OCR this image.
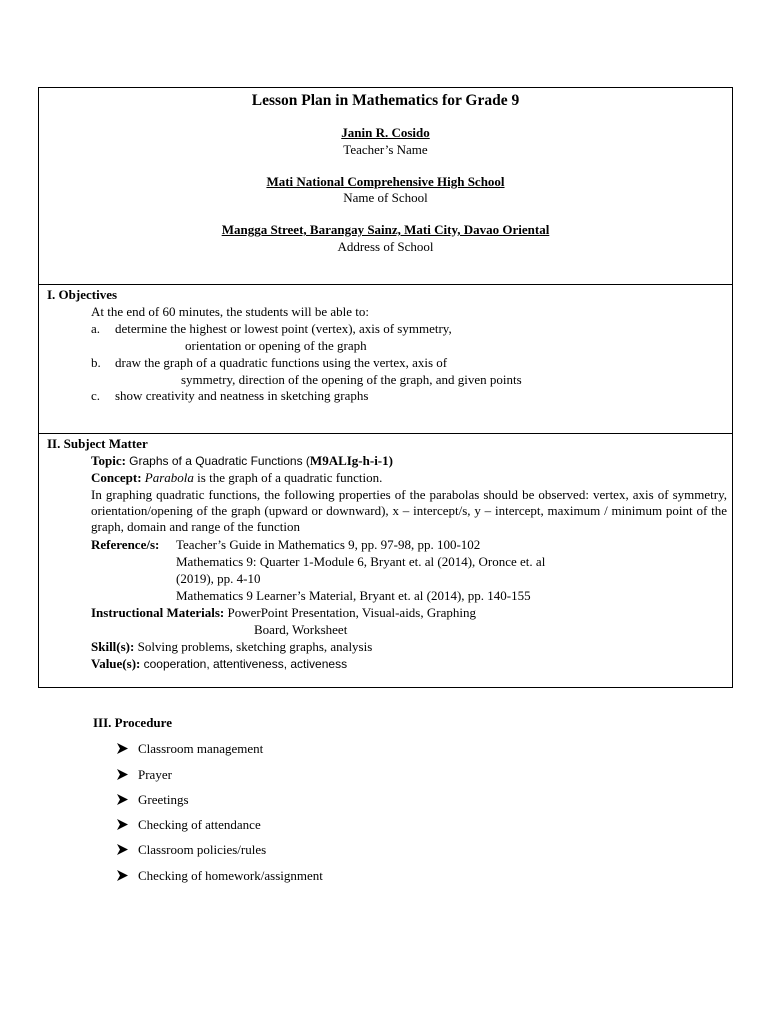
Lesson Plan in Mathematics for Grade 9
Janin R. Cosido
Teacher’s Name
Mati National Comprehensive High School
Name of School
Mangga Street, Barangay Sainz, Mati City, Davao Oriental
Address of School
I. Objectives
At the end of 60 minutes, the students will be able to:
a. determine the highest or lowest point (vertex), axis of symmetry,
orientation or opening of the graph
b. draw the graph of a quadratic functions using the vertex, axis of
symmetry, direction of the opening of the graph, and given points
c. show creativity and neatness in sketching graphs
II. Subject Matter
Topic: Graphs of a Quadratic Functions (M9ALIg-h-i-1)
Concept: Parabola is the graph of a quadratic function.
In graphing quadratic functions, the following properties of the parabolas should be observed: vertex, axis of symmetry, orientation/opening of the graph (upward or downward), x – intercept/s, y – intercept, maximum / minimum point of the graph, domain and range of the function
Reference/s: Teacher’s Guide in Mathematics 9, pp. 97-98, pp. 100-102
Mathematics 9: Quarter 1-Module 6, Bryant et. al (2014), Oronce et. al
(2019), pp. 4-10
Mathematics 9 Learner’s Material, Bryant et. al (2014), pp. 140-155
Instructional Materials: PowerPoint Presentation, Visual-aids, Graphing
Board, Worksheet
Skill(s): Solving problems, sketching graphs, analysis
Value(s): cooperation, attentiveness, activeness
III. Procedure
Classroom management
Prayer
Greetings
Checking of attendance
Classroom policies/rules
Checking of homework/assignment
